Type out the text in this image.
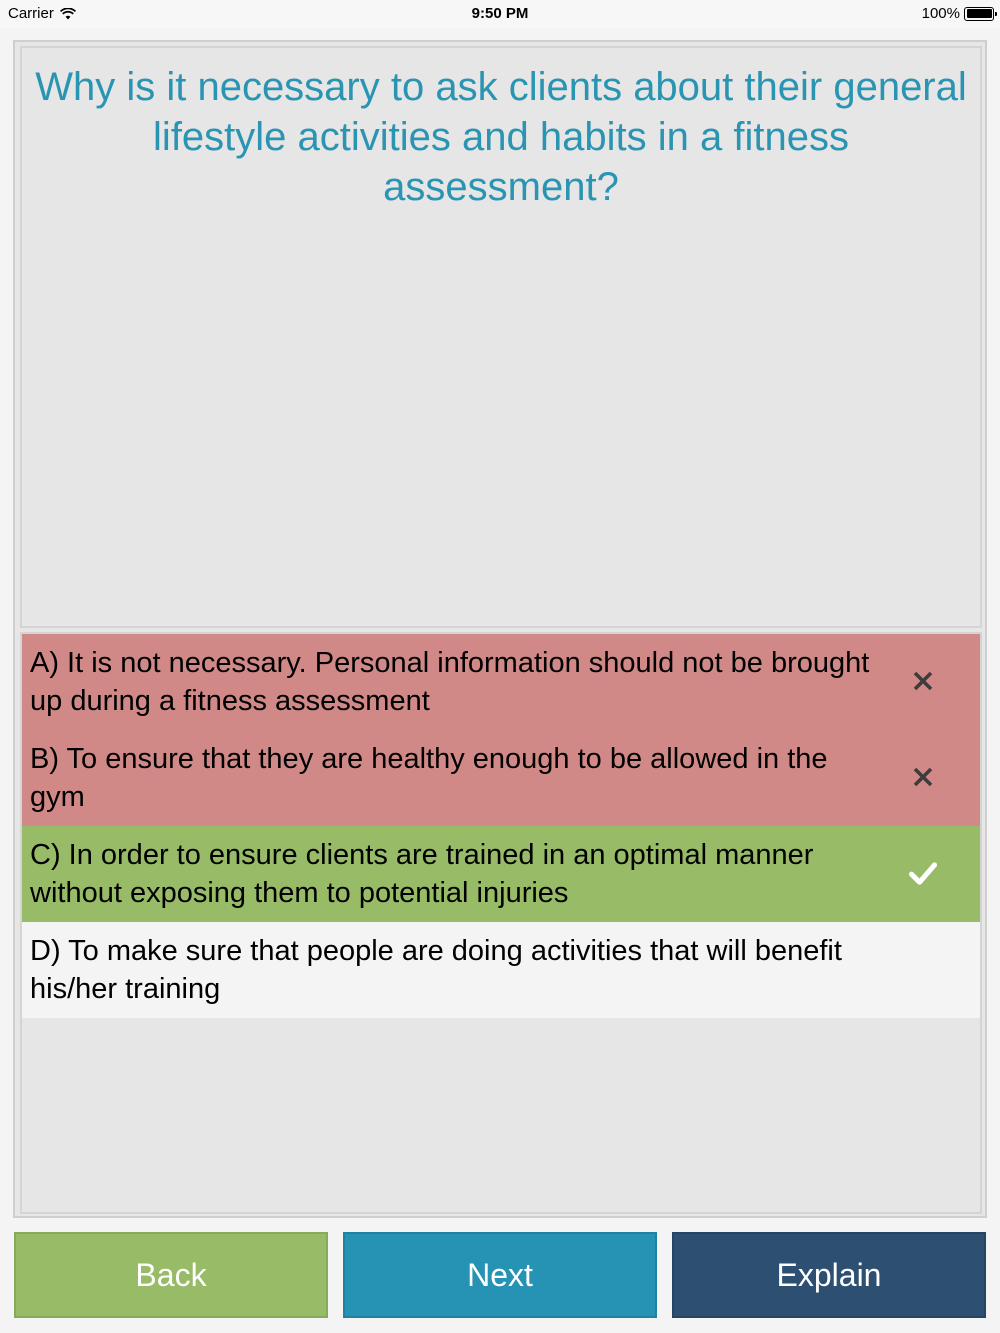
Carrier	9:50 PM	100%
Why is it necessary to ask clients about their general lifestyle activities and habits in a fitness assessment?
A) It is not necessary. Personal information should not be brought up during a fitness assessment
B) To ensure that they are healthy enough to be allowed in the gym
C) In order to ensure clients are trained in an optimal manner without exposing them to potential injuries
D) To make sure that people are doing activities that will benefit his/her training
Back	Next	Explain
